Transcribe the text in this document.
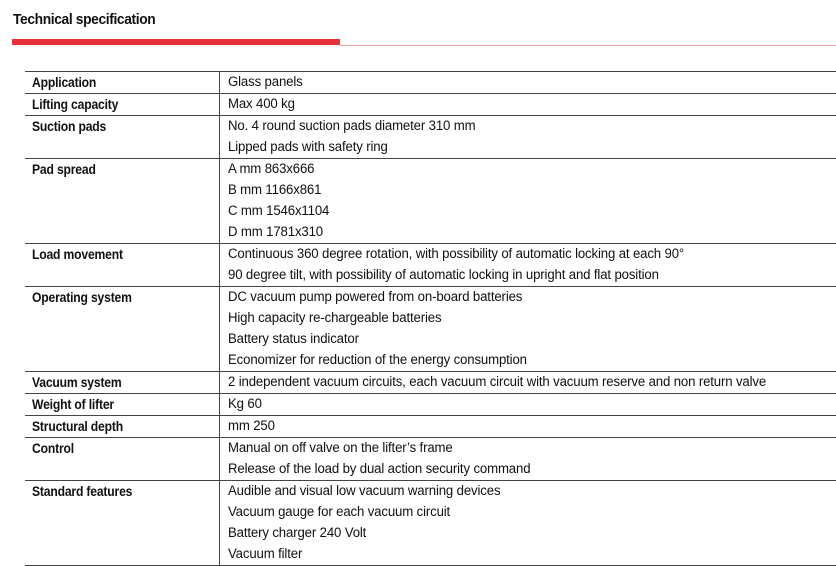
Technical specification
Application	Glass panels

Lifting capacity	Max 400 kg

Suction pads	No. 4 round suction pads diameter 310 mm
Lipped pads with safety ring

Pad spread	A mm 863x666
B mm 1166x861
C mm 1546x1104
D mm 1781x310

Load movement	Continuous 360 degree rotation, with possibility of automatic locking at each 90°
90 degree tilt, with possibility of automatic locking in upright and flat position

Operating system	DC vacuum pump powered from on-board batteries
High capacity re-chargeable batteries
Battery status indicator
Economizer for reduction of the energy consumption

Vacuum system	2 independent vacuum circuits, each vacuum circuit with vacuum reserve and non return valve

Weight of lifter	Kg 60

Structural depth	mm 250

Control	Manual on off valve on the lifter’s frame
Release of the load by dual action security command

Standard features	Audible and visual low vacuum warning devices
Vacuum gauge for each vacuum circuit
Battery charger 240 Volt
Vacuum filter
